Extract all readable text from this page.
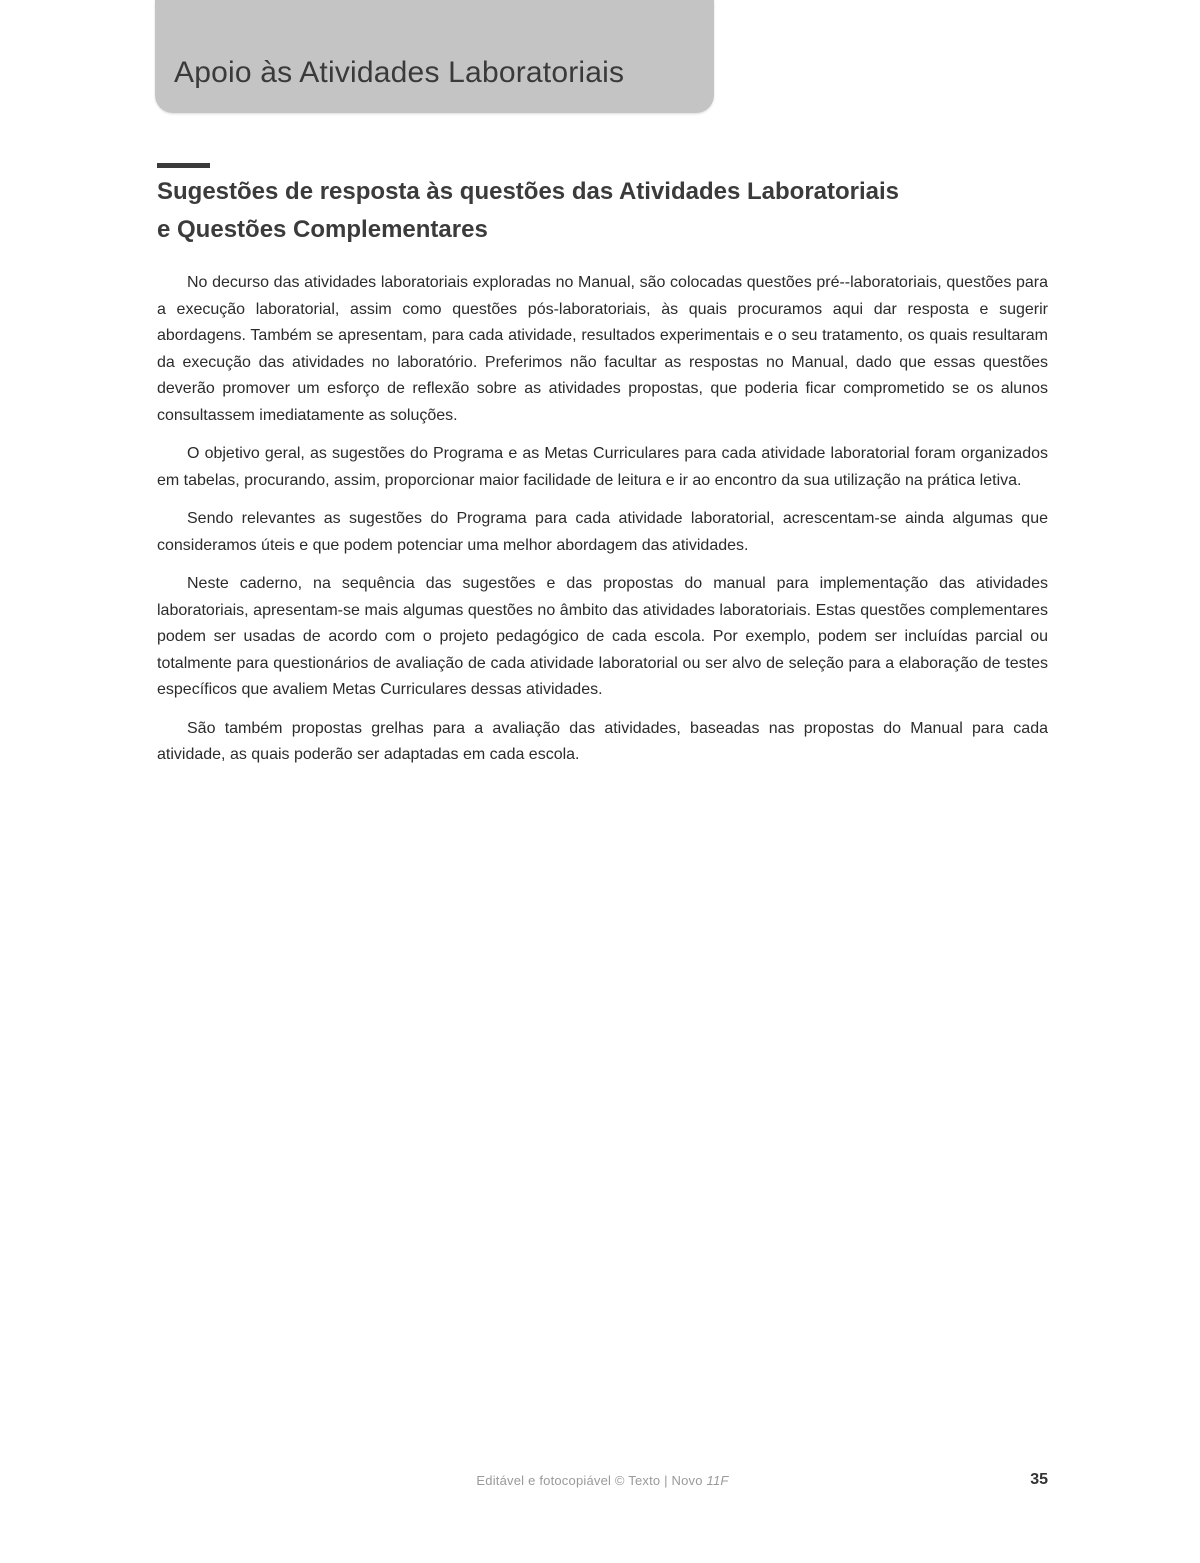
Apoio às Atividades Laboratoriais
Sugestões de resposta às questões das Atividades Laboratoriais
e Questões Complementares

No decurso das atividades laboratoriais exploradas no Manual, são colocadas questões pré--laboratoriais, questões para a execução laboratorial, assim como questões pós-laboratoriais, às quais procuramos aqui dar resposta e sugerir abordagens. Também se apresentam, para cada atividade, resultados experimentais e o seu tratamento, os quais resultaram da execução das atividades no laboratório. Preferimos não facultar as respostas no Manual, dado que essas questões deverão promover um esforço de reflexão sobre as atividades propostas, que poderia ficar comprometido se os alunos consultassem imediatamente as soluções.

O objetivo geral, as sugestões do Programa e as Metas Curriculares para cada atividade laboratorial foram organizados em tabelas, procurando, assim, proporcionar maior facilidade de leitura e ir ao encontro da sua utilização na prática letiva.

Sendo relevantes as sugestões do Programa para cada atividade laboratorial, acrescentam-se ainda algumas que consideramos úteis e que podem potenciar uma melhor abordagem das atividades.

Neste caderno, na sequência das sugestões e das propostas do manual para implementação das atividades laboratoriais, apresentam-se mais algumas questões no âmbito das atividades laboratoriais. Estas questões complementares podem ser usadas de acordo com o projeto pedagógico de cada escola. Por exemplo, podem ser incluídas parcial ou totalmente para questionários de avaliação de cada atividade laboratorial ou ser alvo de seleção para a elaboração de testes específicos que avaliem Metas Curriculares dessas atividades.

São também propostas grelhas para a avaliação das atividades, baseadas nas propostas do Manual para cada atividade, as quais poderão ser adaptadas em cada escola.

Editável e fotocopiável © Texto | Novo 11F	35
